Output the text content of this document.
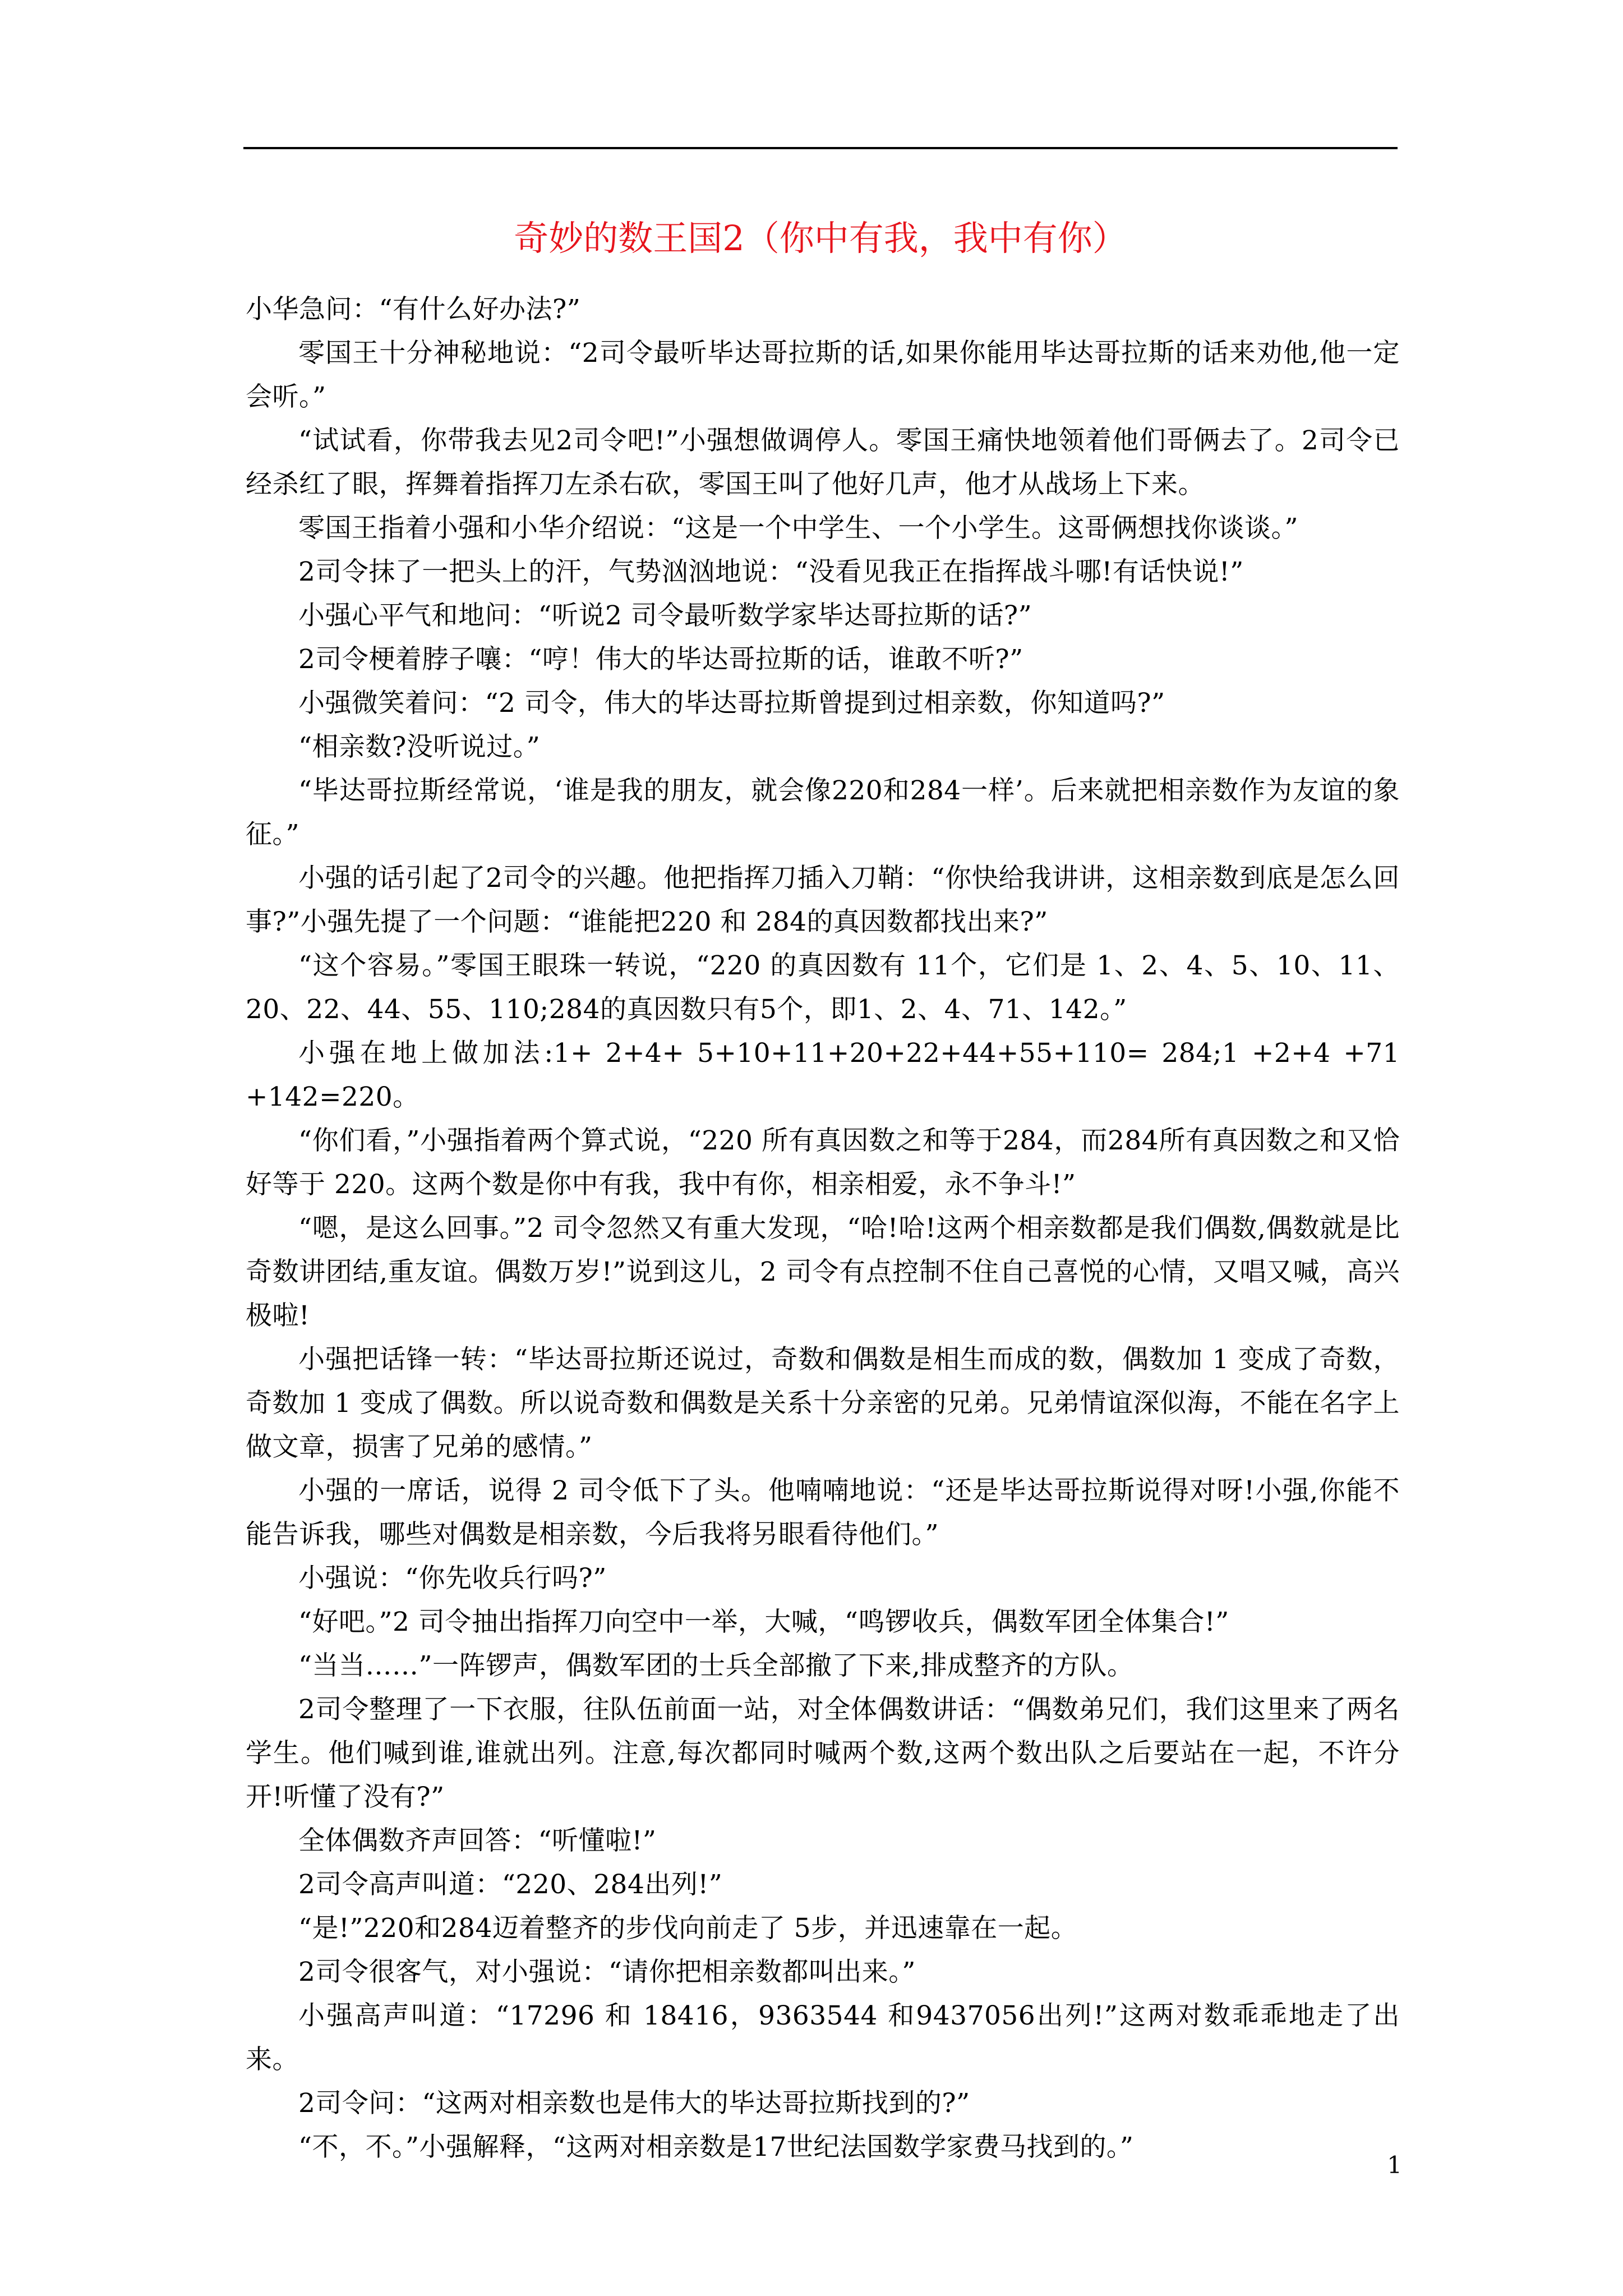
奇妙的数王国2（你中有我，我中有你）

小华急问：“有什么好办法?”

零国王十分神秘地说：“2司令最听毕达哥拉斯的话,如果你能用毕达哥拉斯的话来劝他,他一定会听。”

“试试看，你带我去见2司令吧!”小强想做调停人。零国王痛快地领着他们哥俩去了。2司令已经杀红了眼，挥舞着指挥刀左杀右砍，零国王叫了他好几声，他才从战场上下来。

零国王指着小强和小华介绍说：“这是一个中学生、一个小学生。这哥俩想找你谈谈。”

2司令抹了一把头上的汗，气势汹汹地说：“没看见我正在指挥战斗哪!有话快说!”

小强心平气和地问：“听说2 司令最听数学家毕达哥拉斯的话?”

2司令梗着脖子嚷：“哼！伟大的毕达哥拉斯的话，谁敢不听?”

小强微笑着问：“2 司令，伟大的毕达哥拉斯曾提到过相亲数，你知道吗?”

“相亲数?没听说过。”

“毕达哥拉斯经常说，‘谁是我的朋友，就会像220和284一样’。后来就把相亲数作为友谊的象征。”

小强的话引起了2司令的兴趣。他把指挥刀插入刀鞘：“你快给我讲讲，这相亲数到底是怎么回事?”小强先提了一个问题：“谁能把220 和 284的真因数都找出来?”

“这个容易。”零国王眼珠一转说，“220 的真因数有 11个，它们是 1、2、4、5、10、11、20、22、44、55、110;284的真因数只有5个，即1、2、4、71、142。”

小强在地上做加法:1+ 2+4+ 5+10+11+20+22+44+55+110= 284;1 +2+4 +71 +142=220。

“你们看，”小强指着两个算式说，“220 所有真因数之和等于284，而284所有真因数之和又恰好等于 220。这两个数是你中有我，我中有你，相亲相爱，永不争斗!”

“嗯，是这么回事。”2 司令忽然又有重大发现，“哈!哈!这两个相亲数都是我们偶数,偶数就是比奇数讲团结,重友谊。偶数万岁!”说到这儿，2 司令有点控制不住自己喜悦的心情，又唱又喊，高兴极啦!

小强把话锋一转：“毕达哥拉斯还说过，奇数和偶数是相生而成的数，偶数加 1 变成了奇数，奇数加 1 变成了偶数。所以说奇数和偶数是关系十分亲密的兄弟。兄弟情谊深似海，不能在名字上做文章，损害了兄弟的感情。”

小强的一席话，说得 2 司令低下了头。他喃喃地说：“还是毕达哥拉斯说得对呀!小强,你能不能告诉我，哪些对偶数是相亲数，今后我将另眼看待他们。”

小强说：“你先收兵行吗?”

“好吧。”2 司令抽出指挥刀向空中一举，大喊，“鸣锣收兵，偶数军团全体集合!”

“当当……”一阵锣声，偶数军团的士兵全部撤了下来,排成整齐的方队。

2司令整理了一下衣服，往队伍前面一站，对全体偶数讲话：“偶数弟兄们，我们这里来了两名学生。他们喊到谁,谁就出列。注意,每次都同时喊两个数,这两个数出队之后要站在一起，不许分开!听懂了没有?”

全体偶数齐声回答：“听懂啦!”

2司令高声叫道：“220、284出列!”

“是!”220和284迈着整齐的步伐向前走了 5步，并迅速靠在一起。

2司令很客气，对小强说：“请你把相亲数都叫出来。”

小强高声叫道：“17296 和 18416，9363544 和9437056出列!”这两对数乖乖地走了出来。

2司令问：“这两对相亲数也是伟大的毕达哥拉斯找到的?”

“不，不。”小强解释，“这两对相亲数是17世纪法国数学家费马找到的。”

1
